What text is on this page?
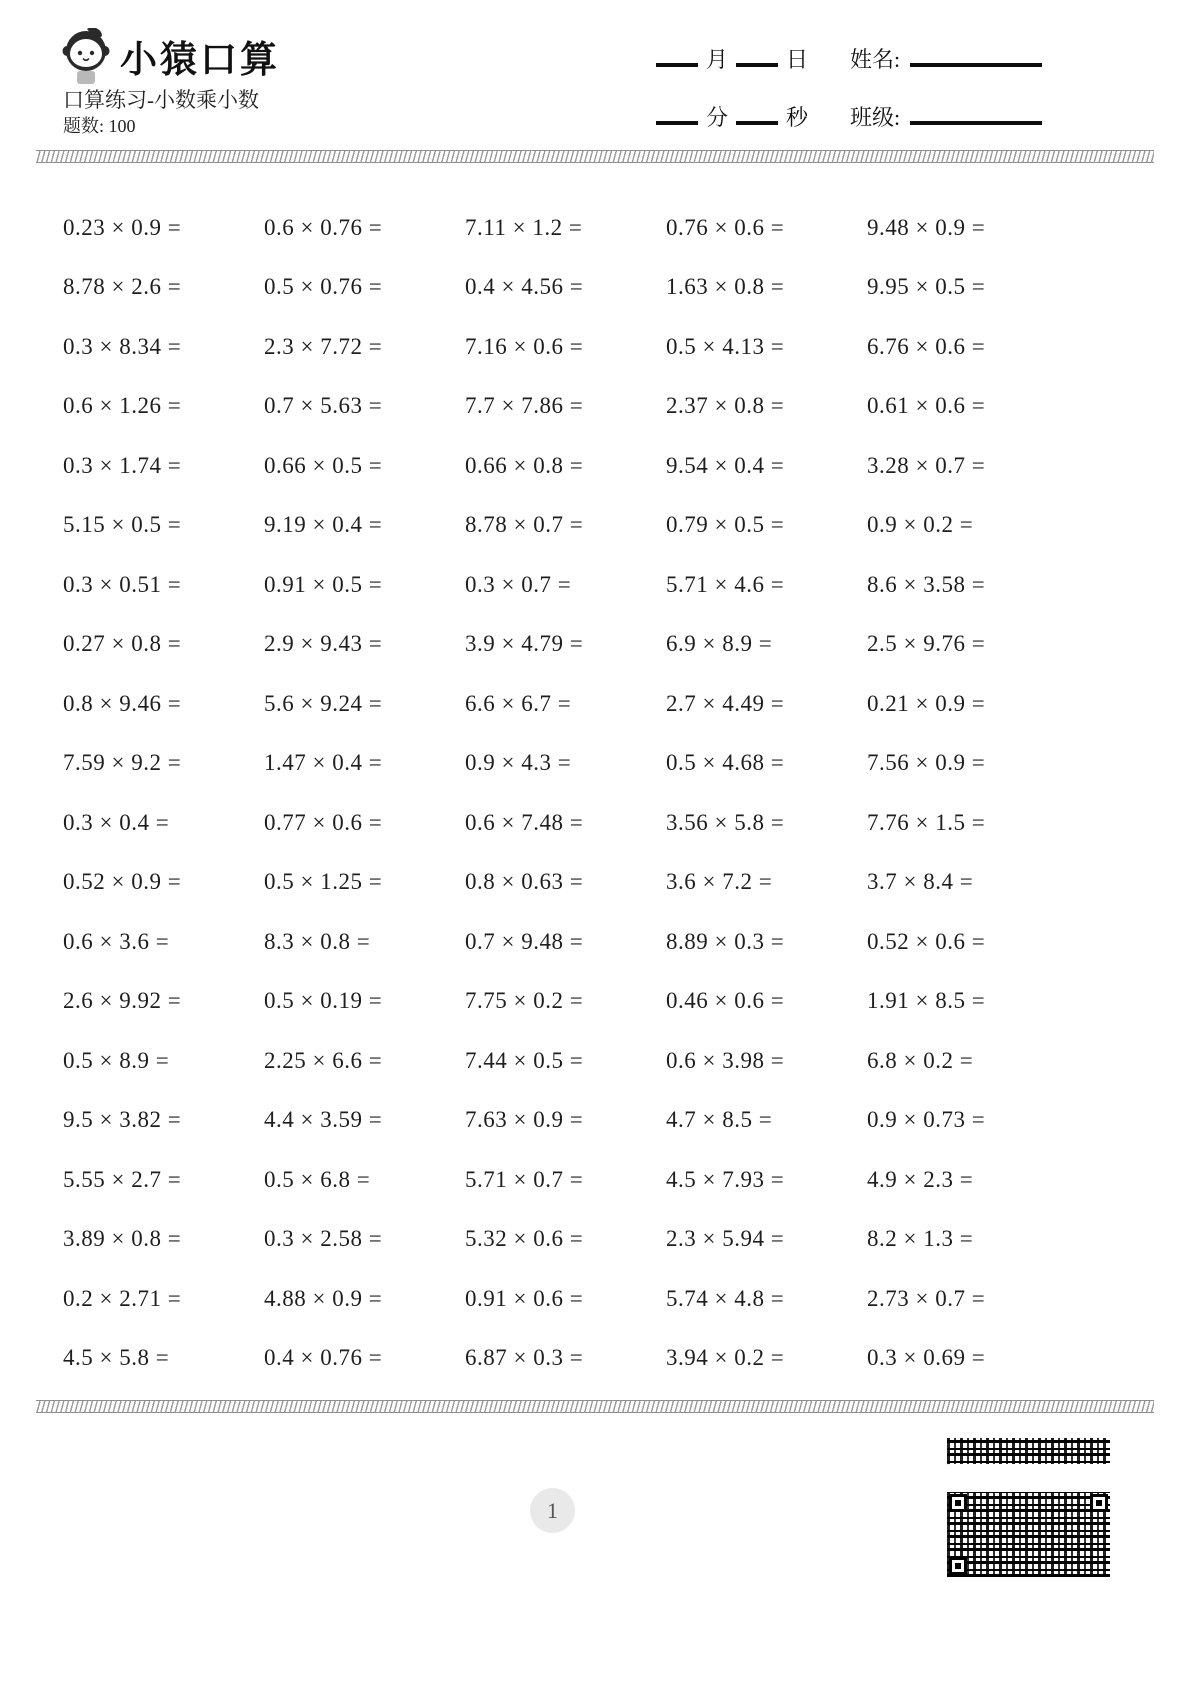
小猿口算
口算练习-小数乘小数
题数: 100
月	日 姓名:
分	秒 班级:
0.23 × 0.9 =	0.6 × 0.76 =	7.11 × 1.2 =	0.76 × 0.6 =	9.48 × 0.9 =
8.78 × 2.6 =	0.5 × 0.76 =	0.4 × 4.56 =	1.63 × 0.8 =	9.95 × 0.5 =
0.3 × 8.34 =	2.3 × 7.72 =	7.16 × 0.6 =	0.5 × 4.13 =	6.76 × 0.6 =
0.6 × 1.26 =	0.7 × 5.63 =	7.7 × 7.86 =	2.37 × 0.8 =	0.61 × 0.6 =
0.3 × 1.74 =	0.66 × 0.5 =	0.66 × 0.8 =	9.54 × 0.4 =	3.28 × 0.7 =
5.15 × 0.5 =	9.19 × 0.4 =	8.78 × 0.7 =	0.79 × 0.5 =	0.9 × 0.2 =
0.3 × 0.51 =	0.91 × 0.5 =	0.3 × 0.7 =	5.71 × 4.6 =	8.6 × 3.58 =
0.27 × 0.8 =	2.9 × 9.43 =	3.9 × 4.79 =	6.9 × 8.9 =	2.5 × 9.76 =
0.8 × 9.46 =	5.6 × 9.24 =	6.6 × 6.7 =	2.7 × 4.49 =	0.21 × 0.9 =
7.59 × 9.2 =	1.47 × 0.4 =	0.9 × 4.3 =	0.5 × 4.68 =	7.56 × 0.9 =
0.3 × 0.4 =	0.77 × 0.6 =	0.6 × 7.48 =	3.56 × 5.8 =	7.76 × 1.5 =
0.52 × 0.9 =	0.5 × 1.25 =	0.8 × 0.63 =	3.6 × 7.2 =	3.7 × 8.4 =
0.6 × 3.6 =	8.3 × 0.8 =	0.7 × 9.48 =	8.89 × 0.3 =	0.52 × 0.6 =
2.6 × 9.92 =	0.5 × 0.19 =	7.75 × 0.2 =	0.46 × 0.6 =	1.91 × 8.5 =
0.5 × 8.9 =	2.25 × 6.6 =	7.44 × 0.5 =	0.6 × 3.98 =	6.8 × 0.2 =
9.5 × 3.82 =	4.4 × 3.59 =	7.63 × 0.9 =	4.7 × 8.5 =	0.9 × 0.73 =
5.55 × 2.7 =	0.5 × 6.8 =	5.71 × 0.7 =	4.5 × 7.93 =	4.9 × 2.3 =
3.89 × 0.8 =	0.3 × 2.58 =	5.32 × 0.6 =	2.3 × 5.94 =	8.2 × 1.3 =
0.2 × 2.71 =	4.88 × 0.9 =	0.91 × 0.6 =	5.74 × 4.8 =	2.73 × 0.7 =
4.5 × 5.8 =	0.4 × 0.76 =	6.87 × 0.3 =	3.94 × 0.2 =	0.3 × 0.69 =
1
